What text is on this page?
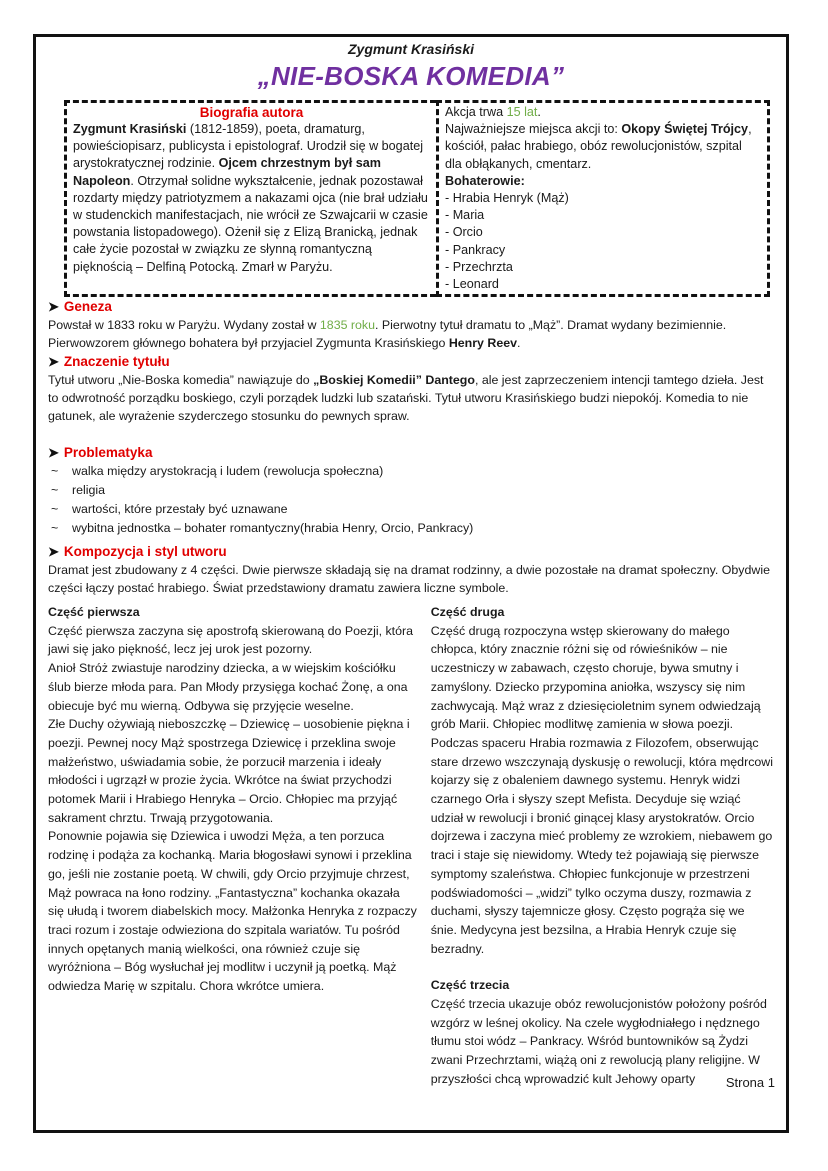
Zygmunt Krasiński
„NIE-BOSKA KOMEDIA”
Biografia autora
Zygmunt Krasiński (1812-1859), poeta, dramaturg, powieściopisarz, publicysta i epistolograf. Urodził się w bogatej arystokratycznej rodzinie. Ojcem chrzestnym był sam Napoleon. Otrzymał solidne wykształcenie, jednak pozostawał rozdarty między patriotyzmem a nakazami ojca (nie brał udziału w studenckich manifestacjach, nie wrócił ze Szwajcarii w czasie powstania listopadowego). Ożenił się z Elizą Branicką, jednak całe życie pozostał w związku ze słynną romantyczną pięknością – Delfiną Potocką. Zmarł w Paryżu.
Akcja trwa 15 lat.
Najważniejsze miejsca akcji to: Okopy Świętej Trójcy, kościół, pałac hrabiego, obóz rewolucjonistów, szpital dla obłąkanych, cmentarz.
Bohaterowie:
- Hrabia Henryk (Mąż)
- Maria
- Orcio
- Pankracy
- Przechrzta
- Leonard
➤ Geneza
Powstał w 1833 roku w Paryżu. Wydany został w 1835 roku. Pierwotny tytuł dramatu to „Mąż”. Dramat wydany bezimiennie. Pierwowzorem głównego bohatera był przyjaciel Zygmunta Krasińskiego Henry Reev.
➤ Znaczenie tytułu
Tytuł utworu „Nie-Boska komedia” nawiązuje do „Boskiej Komedii” Dantego, ale jest zaprzeczeniem intencji tamtego dzieła. Jest to odwrotność porządku boskiego, czyli porządek ludzki lub szatański. Tytuł utworu Krasińskiego budzi niepokój. Komedia to nie gatunek, ale wyrażenie szyderczego stosunku do pewnych spraw.
➤ Problematyka
~	walka między arystokracją i ludem (rewolucja społeczna)
~	religia
~	wartości, które przestały być uznawane
~	wybitna jednostka – bohater romantyczny(hrabia Henry, Orcio, Pankracy)
➤ Kompozycja i styl utworu
Dramat jest zbudowany z 4 części. Dwie pierwsze składają się na dramat rodzinny, a dwie pozostałe na dramat społeczny. Obydwie części łączy postać hrabiego. Świat przedstawiony dramatu zawiera liczne symbole.
Część pierwsza

Część pierwsza zaczyna się apostrofą skierowaną do Poezji, która jawi się jako piękność, lecz jej urok jest pozorny.

Anioł Stróż zwiastuje narodziny dziecka, a w wiejskim kościółku ślub bierze młoda para. Pan Młody przysięga kochać Żonę, a ona obiecuje być mu wierną. Odbywa się przyjęcie weselne.

Złe Duchy ożywiają nieboszczkę – Dziewicę – uosobienie piękna i poezji. Pewnej nocy Mąż spostrzega Dziewicę i przeklina swoje małżeństwo, uświadamia sobie, że porzucił marzenia i ideały młodości i ugrzązł w prozie życia. Wkrótce na świat przychodzi potomek Marii i Hrabiego Henryka – Orcio. Chłopiec ma przyjąć sakrament chrztu. Trwają przygotowania.

Ponownie pojawia się Dziewica i uwodzi Męża, a ten porzuca rodzinę i podąża za kochanką. Maria błogosławi synowi i przeklina go, jeśli nie zostanie poetą. W chwili, gdy Orcio przyjmuje chrzest, Mąż powraca na łono rodziny. „Fantastyczna” kochanka okazała się ułudą i tworem diabelskich mocy. Małżonka Henryka z rozpaczy traci rozum i zostaje odwieziona do szpitala wariatów. Tu pośród innych opętanych manią wielkości, ona również czuje się wyróżniona – Bóg wysłuchał jej modlitw i uczynił ją poetką. Mąż odwiedza Marię w szpitalu. Chora wkrótce umiera.

Część druga

Część drugą rozpoczyna wstęp skierowany do małego chłopca, który znacznie różni się od rówieśników – nie uczestniczy w zabawach, często choruje, bywa smutny i zamyślony. Dziecko przypomina aniołka, wszyscy się nim zachwycają. Mąż wraz z dziesięcioletnim synem odwiedzają grób Marii. Chłopiec modlitwę zamienia w słowa poezji. Podczas spaceru Hrabia rozmawia z Filozofem, obserwując stare drzewo wszczynają dyskusję o rewolucji, która mędrcowi kojarzy się z obaleniem dawnego systemu. Henryk widzi czarnego Orła i słyszy szept Mefista. Decyduje się wziąć udział w rewolucji i bronić ginącej klasy arystokratów. Orcio dojrzewa i zaczyna mieć problemy ze wzrokiem, niebawem go traci i staje się niewidomy. Wtedy też pojawiają się pierwsze symptomy szaleństwa. Chłopiec funkcjonuje w przestrzeni podświadomości – „widzi” tylko oczyma duszy, rozmawia z duchami, słyszy tajemnicze głosy. Często pogrąża się we śnie. Medycyna jest bezsilna, a Hrabia Henryk czuje się bezradny.

Część trzecia

Część trzecia ukazuje obóz rewolucjonistów położony pośród wzgórz w leśnej okolicy. Na czele wygłodniałego i nędznego tłumu stoi wódz – Pankracy. Wśród buntowników są Żydzi zwani Przechrztami, wiążą oni z rewolucją plany religijne. W przyszłości chcą wprowadzić kult Jehowy oparty	Strona 1
